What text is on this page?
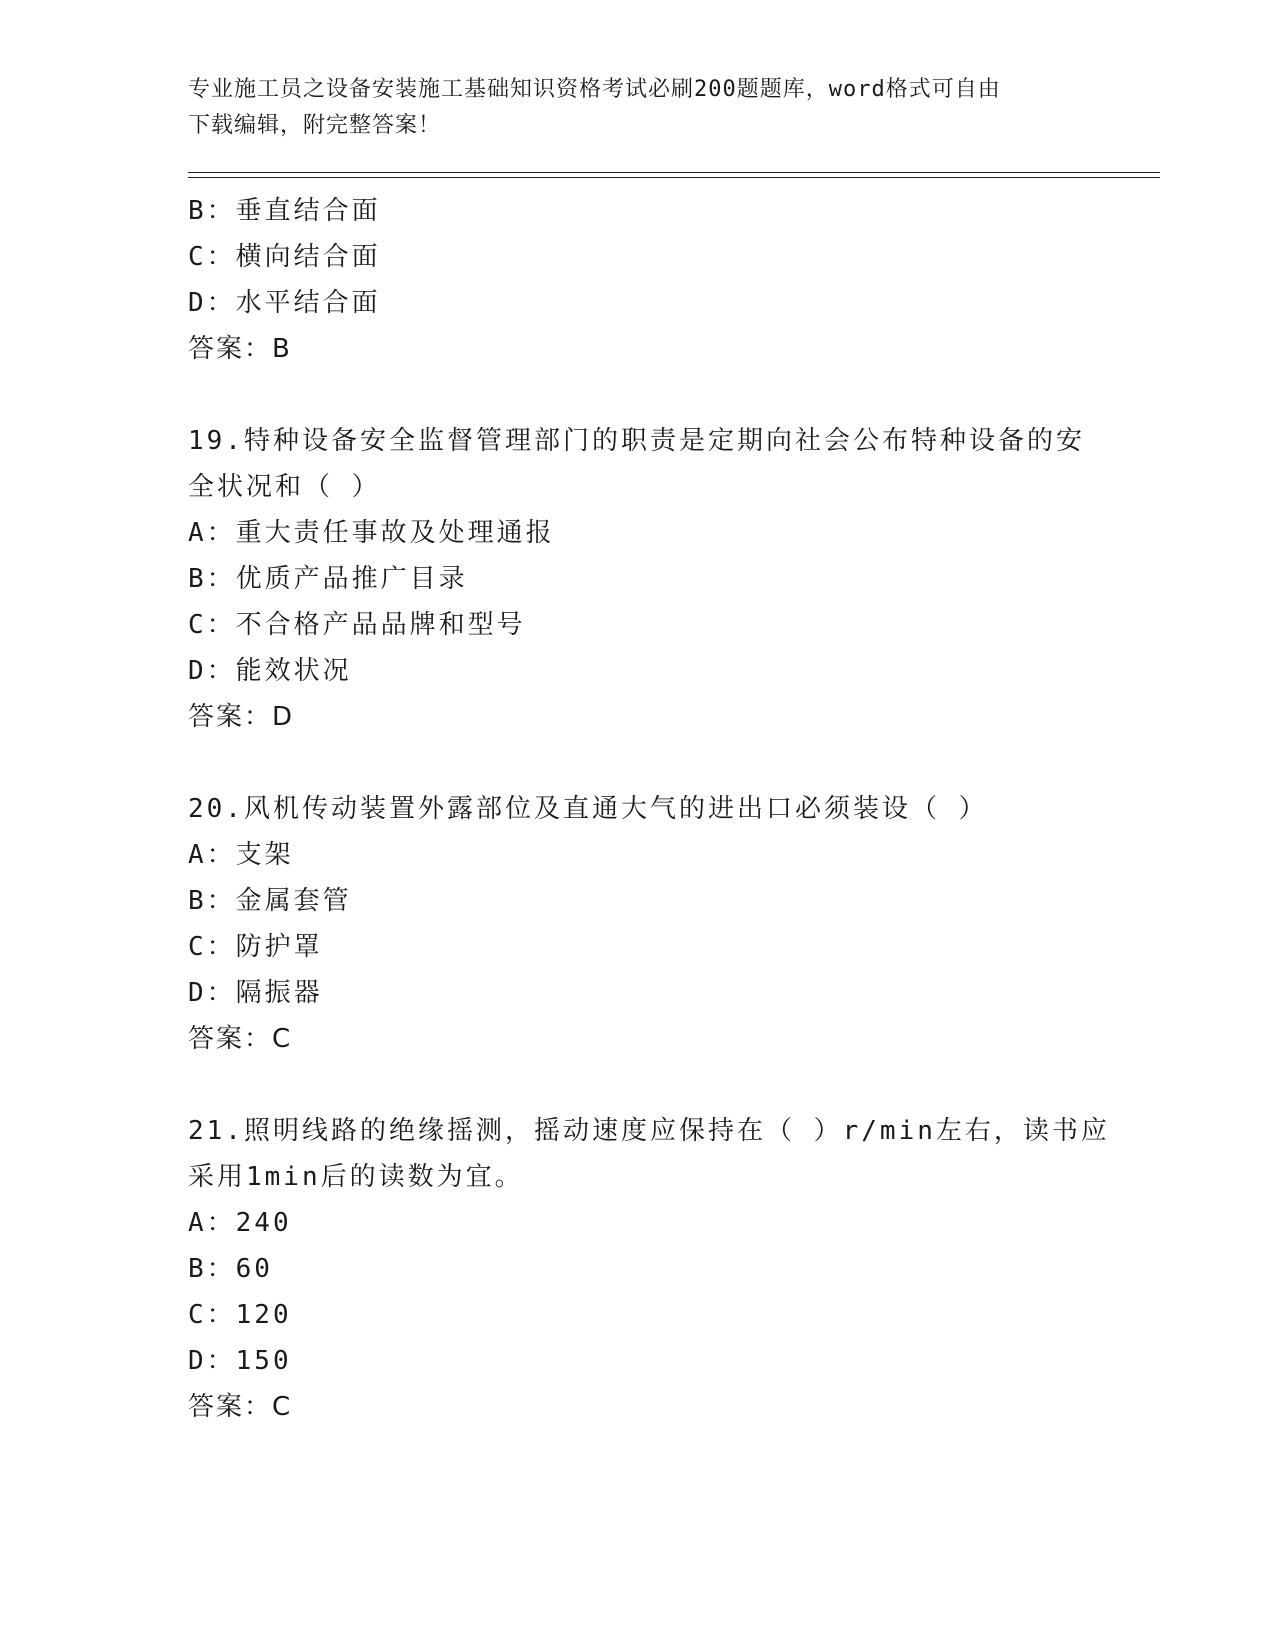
专业施工员之设备安装施工基础知识资格考试必刷200题题库，word格式可自由
下载编辑，附完整答案！
B：垂直结合面
C：横向结合面
D：水平结合面
答案：B
19.特种设备安全监督管理部门的职责是定期向社会公布特种设备的安
全状况和（ ）
A：重大责任事故及处理通报
B：优质产品推广目录
C：不合格产品品牌和型号
D：能效状况
答案：D
20.风机传动装置外露部位及直通大气的进出口必须装设（ ）
A：支架
B：金属套管
C：防护罩
D：隔振器
答案：C
21.照明线路的绝缘摇测，摇动速度应保持在（ ）r/min左右，读书应
采用1min后的读数为宜。
A：240
B：60
C：120
D：150
答案：C
